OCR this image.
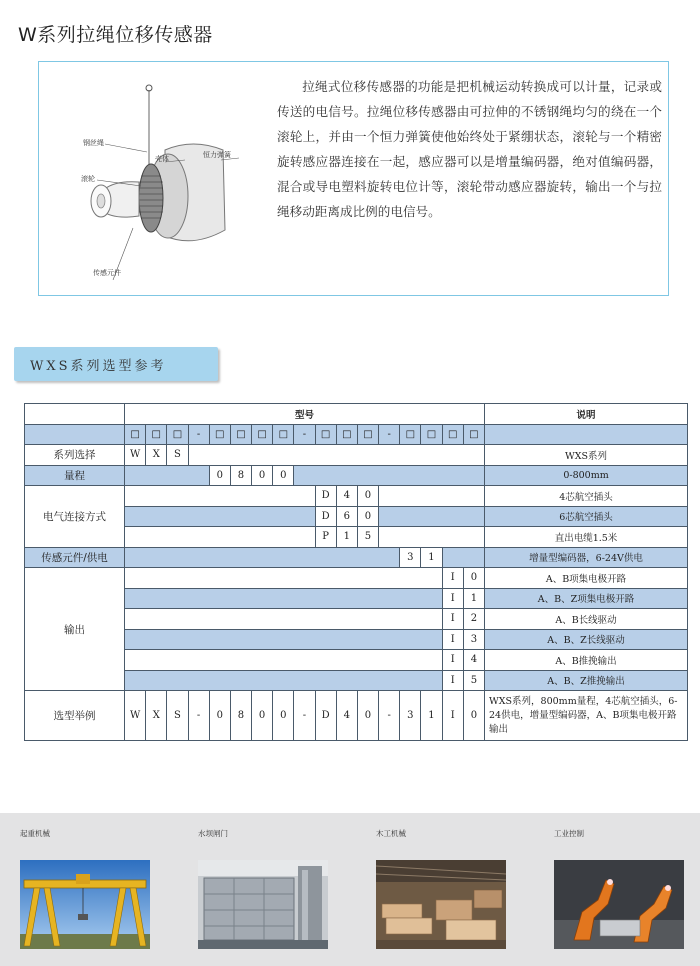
W系列拉绳位移传感器
钢丝绳
壳体	恒力弹簧
滚轮
传感元件
拉绳式位移传感器的功能是把机械运动转换成可以计量，记录或传送的电信号。拉绳位移传感器由可拉伸的不锈钢绳均匀的绕在一个滚轮上，并由一个恒力弹簧使他始终处于紧绷状态，滚轮与一个精密旋转感应器连接在一起，感应器可以是增量编码器，绝对值编码器，混合或导电塑料旋转电位计等，滚轮带动感应器旋转，输出一个与拉绳移动距离成比例的电信号。
WXS系列选型参考
	型号																	说明
	□	□	□	-	□	□	□	□	-	□	□	□	-	□	□	□	□	
系列选择	W	X	S															WXS系列
量程					0	8	0	0										0-800mm
电气连接方式										D	4	0						4芯航空插头
										D	6	0						6芯航空插头
										P	1	5						直出电缆1.5米
传感元件/供电														3	1			增量型编码器，6-24V供电
输出																I	0	A、B项集电极开路
																I	1	A、B、Z项集电极开路
																I	2	A、B长线驱动
																I	3	A、B、Z长线驱动
																I	4	A、B推挽输出
																I	5	A、B、Z推挽输出
选型举例	W	X	S	-	0	8	0	0	-	D	4	0	-	3	1	I	0	WXS系列，800mm量程，4芯航空插头，6-24供电，增量型编码器，A、B项集电极开路输出
起重机械	水坝闸门	木工机械	工业控制
